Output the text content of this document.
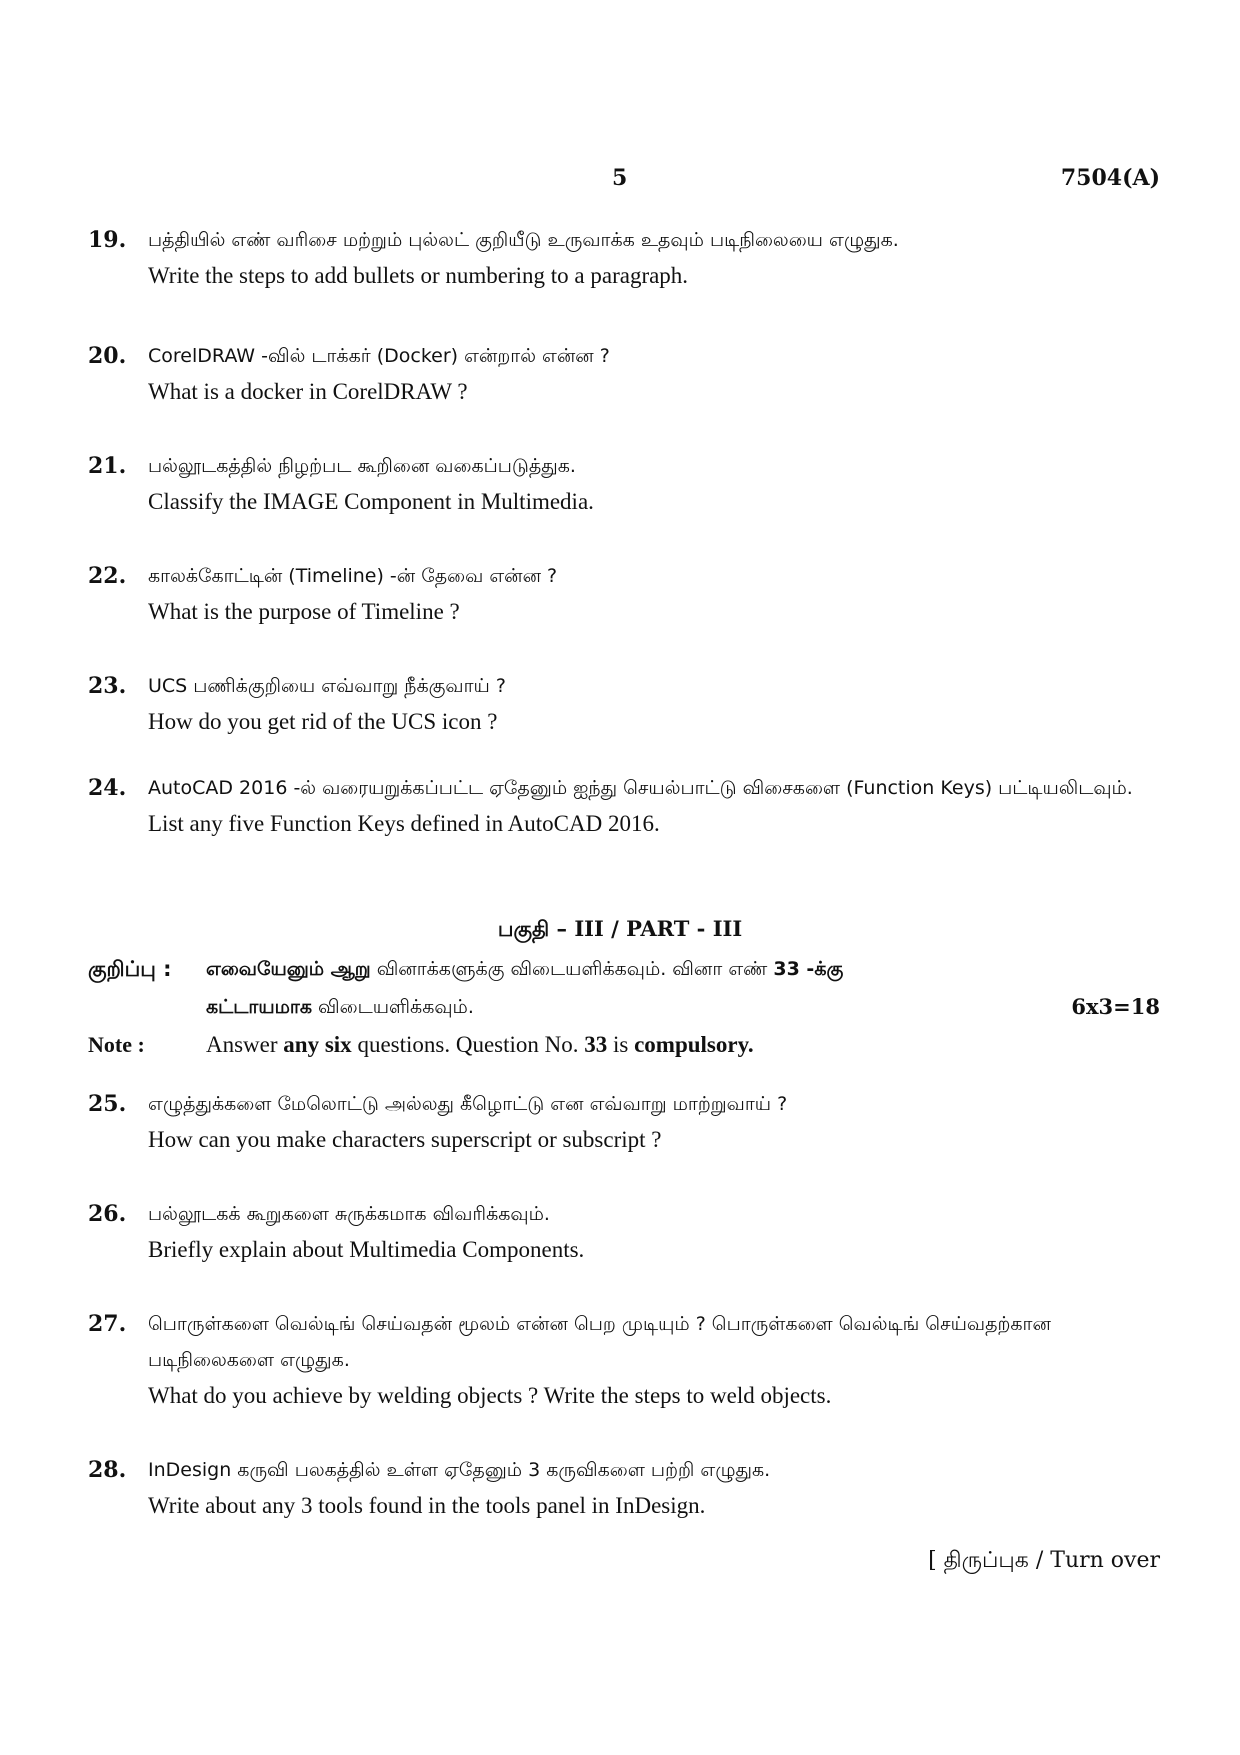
5	7504(A)
19. பத்தியில் எண் வரிசை மற்றும் புல்லட் குறியீடு உருவாக்க உதவும் படிநிலையை எழுதுக.
Write the steps to add bullets or numbering to a paragraph.
20. CorelDRAW -வில் டாக்கர் (Docker) என்றால் என்ன ?
What is a docker in CorelDRAW ?
21. பல்லூடகத்தில் நிழற்பட கூறினை வகைப்படுத்துக.
Classify the IMAGE Component in Multimedia.
22. காலக்கோட்டின் (Timeline) -ன் தேவை என்ன ?
What is the purpose of Timeline ?
23. UCS பணிக்குறியை எவ்வாறு நீக்குவாய் ?
How do you get rid of the UCS icon ?
24. AutoCAD 2016 -ல் வரையறுக்கப்பட்ட ஏதேனும் ஐந்து செயல்பாட்டு விசைகளை (Function Keys) பட்டியலிடவும்.
List any five Function Keys defined in AutoCAD 2016.
பகுதி – III / PART - III
குறிப்பு : எவையேனும் ஆறு வினாக்களுக்கு விடையளிக்கவும். வினா எண் 33 -க்கு
கட்டாயமாக விடையளிக்கவும்.	6x3=18
Note :	Answer any six questions. Question No. 33 is compulsory.
25. எழுத்துக்களை மேலொட்டு அல்லது கீழொட்டு என எவ்வாறு மாற்றுவாய் ?
How can you make characters superscript or subscript ?
26. பல்லூடகக் கூறுகளை சுருக்கமாக விவரிக்கவும்.
Briefly explain about Multimedia Components.
27. பொருள்களை வெல்டிங் செய்வதன் மூலம் என்ன பெற முடியும் ? பொருள்களை வெல்டிங் செய்வதற்கான படிநிலைகளை எழுதுக.
What do you achieve by welding objects ? Write the steps to weld objects.
28. InDesign கருவி பலகத்தில் உள்ள ஏதேனும் 3 கருவிகளை பற்றி எழுதுக.
Write about any 3 tools found in the tools panel in InDesign.
[ திருப்புக / Turn over
